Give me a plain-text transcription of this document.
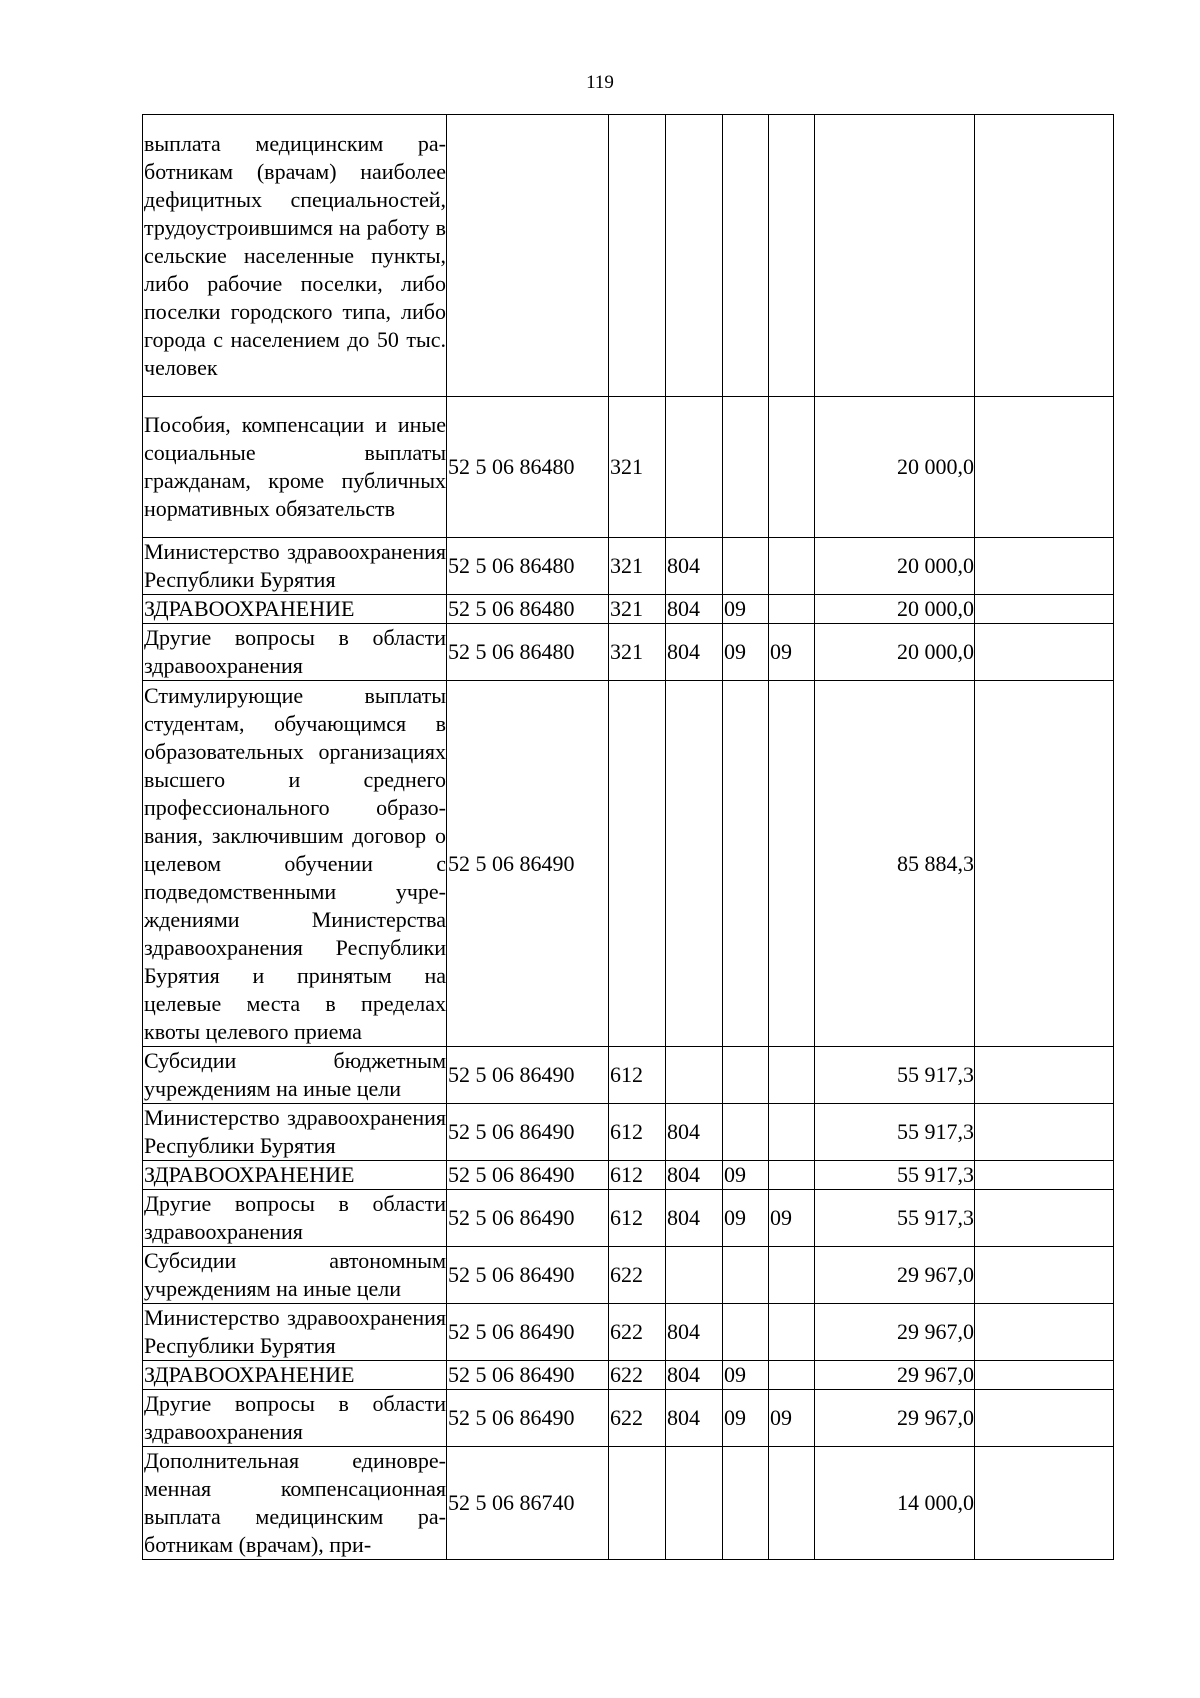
119
выплата медицинским работникам (врачам) наиболее дефицитных специальностей, трудоустроившимся на работу в сельские населенные пункты, либо рабочие поселки, либо поселки городского типа, либо города с населением до 50 тыс. человек							
Пособия, компенсации и иные социальные выплаты гражданам, кроме публичных нормативных обязательств	52 5 06 86480	321				20 000,0	
Министерство здравоохранения Республики Бурятия	52 5 06 86480	321	804			20 000,0	
ЗДРАВООХРАНЕНИЕ	52 5 06 86480	321	804	09		20 000,0	
Другие вопросы в области здравоохранения	52 5 06 86480	321	804	09	09	20 000,0	
Стимулирующие выплаты студентам, обучающимся в образовательных организациях высшего и среднего профессионального образования, заключившим договор о целевом обучении с подведомственными учреждениями Министерства здравоохранения Республики Бурятия и принятым на целевые места в пределах квоты целевого приема	52 5 06 86490					85 884,3	
Субсидии бюджетным учреждениям на иные цели	52 5 06 86490	612				55 917,3	
Министерство здравоохранения Республики Бурятия	52 5 06 86490	612	804			55 917,3	
ЗДРАВООХРАНЕНИЕ	52 5 06 86490	612	804	09		55 917,3	
Другие вопросы в области здравоохранения	52 5 06 86490	612	804	09	09	55 917,3	
Субсидии автономным учреждениям на иные цели	52 5 06 86490	622				29 967,0	
Министерство здравоохранения Республики Бурятия	52 5 06 86490	622	804			29 967,0	
ЗДРАВООХРАНЕНИЕ	52 5 06 86490	622	804	09		29 967,0	
Другие вопросы в области здравоохранения	52 5 06 86490	622	804	09	09	29 967,0	
Дополнительная единовременная компенсационная выплата медицинским работникам (врачам), при-	52 5 06 86740					14 000,0	
